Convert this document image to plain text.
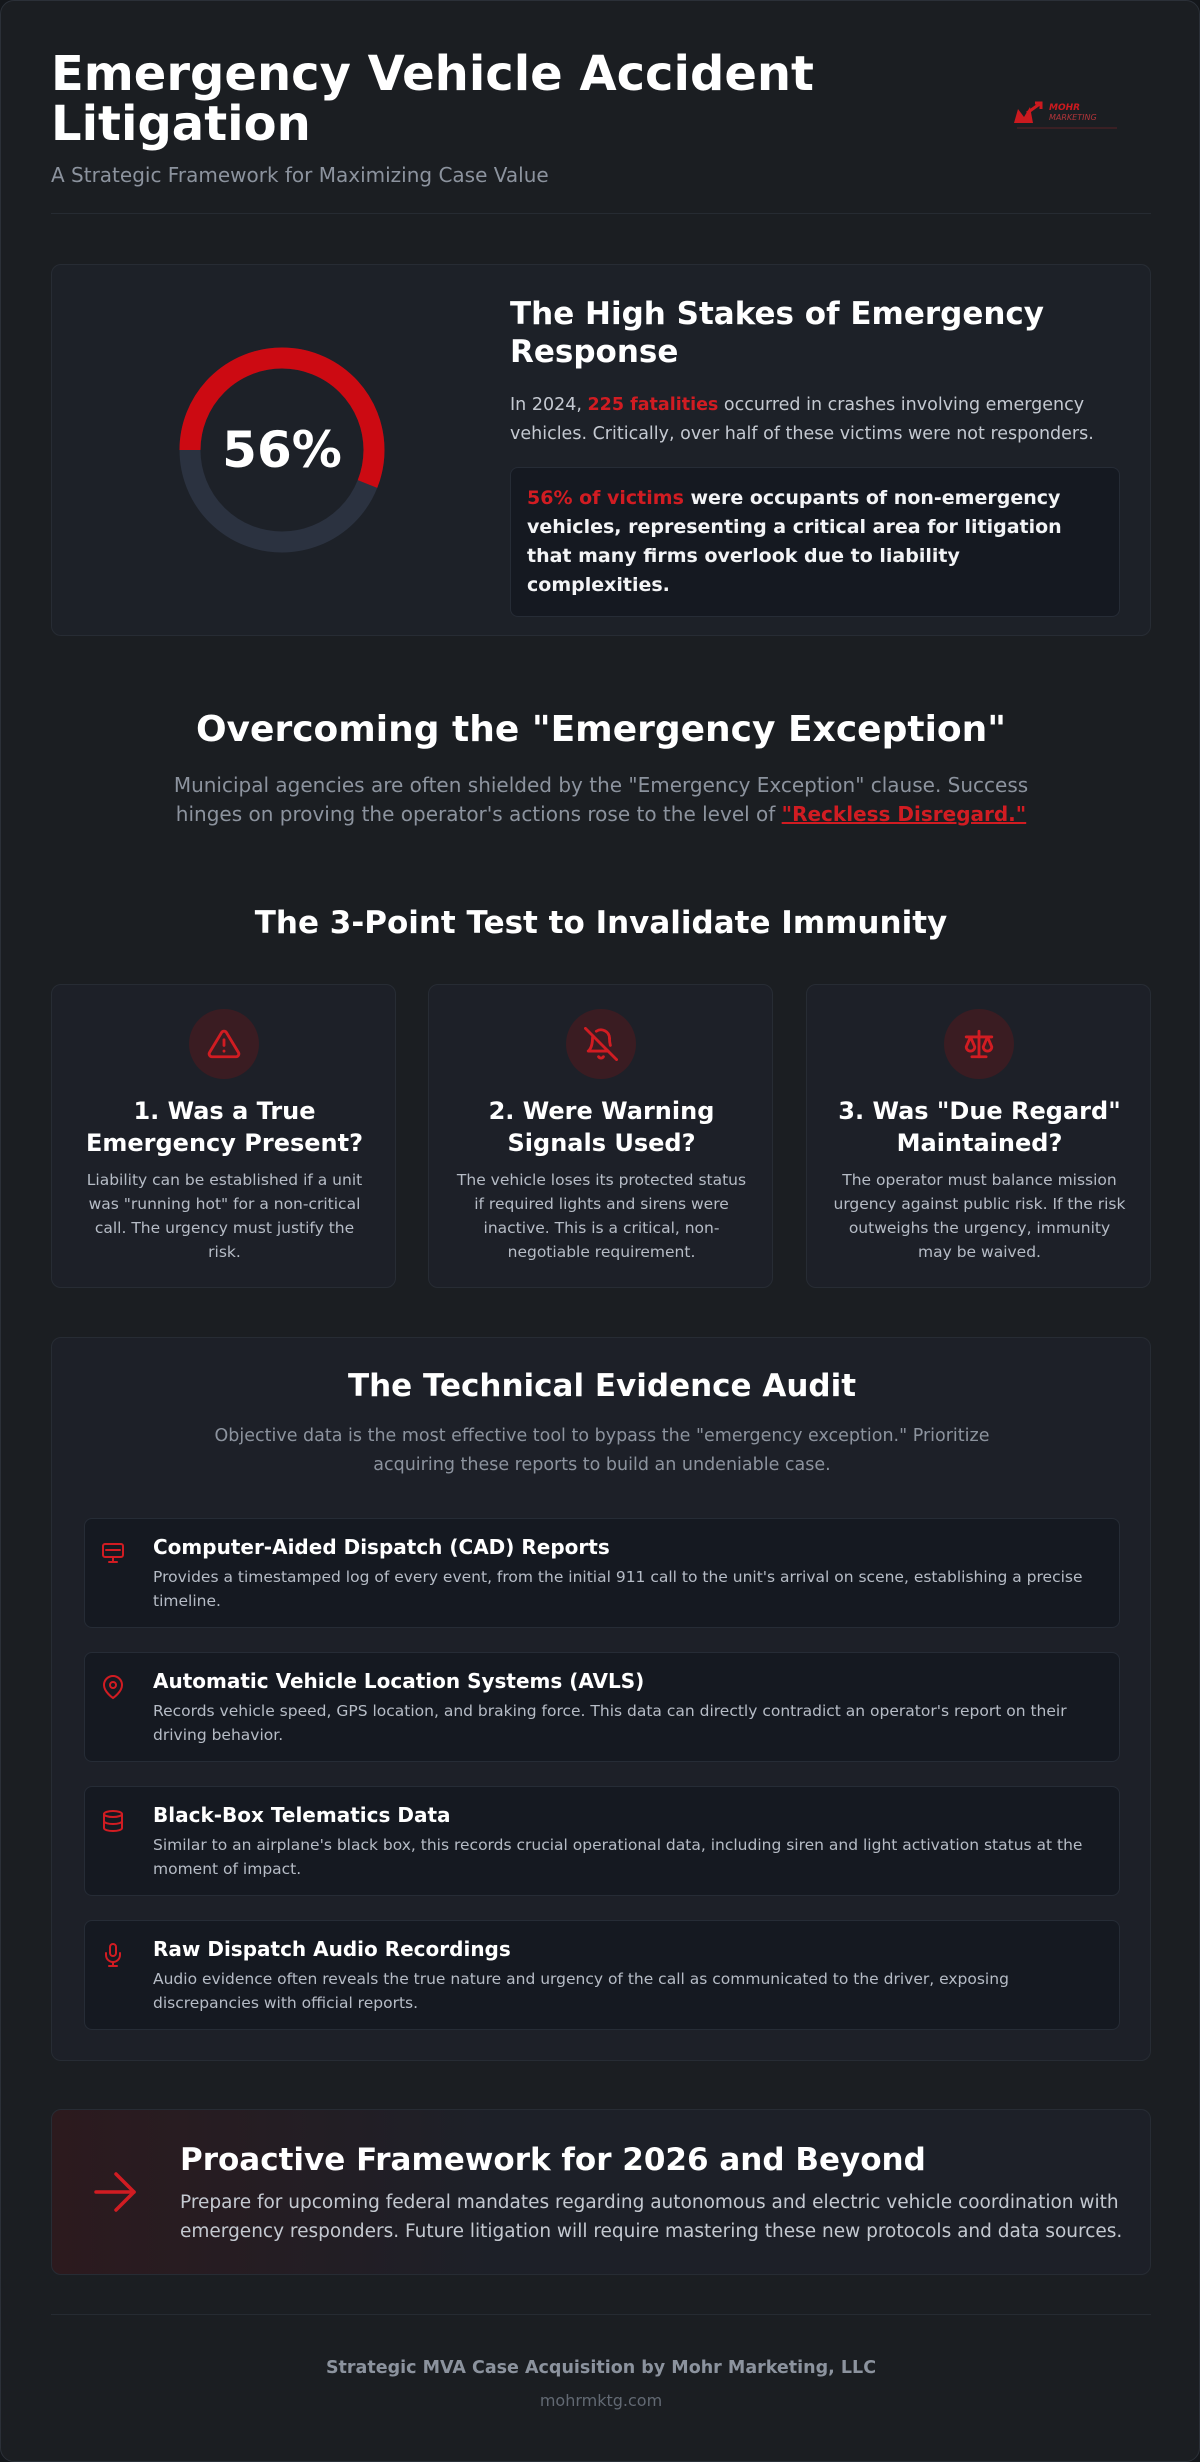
Emergency Vehicle Accident Litigation
A Strategic Framework for Maximizing Case Value
MOHR
MARKETING
56%
The High Stakes of Emergency Response
In 2024, 225 fatalities occurred in crashes involving emergency vehicles. Critically, over half of these victims were not responders.
56% of victims were occupants of non-emergency vehicles, representing a critical area for litigation that many firms overlook due to liability complexities.
Overcoming the "Emergency Exception"
Municipal agencies are often shielded by the "Emergency Exception" clause. Success hinges on proving the operator's actions rose to the level of "Reckless Disregard."
The 3-Point Test to Invalidate Immunity
1. Was a True Emergency Present?
Liability can be established if a unit was "running hot" for a non-critical call. The urgency must justify the risk.
2. Were Warning Signals Used?
The vehicle loses its protected status if required lights and sirens were inactive. This is a critical, non-negotiable requirement.
3. Was "Due Regard" Maintained?
The operator must balance mission urgency against public risk. If the risk outweighs the urgency, immunity may be waived.
The Technical Evidence Audit
Objective data is the most effective tool to bypass the "emergency exception." Prioritize acquiring these reports to build an undeniable case.
Computer-Aided Dispatch (CAD) Reports
Provides a timestamped log of every event, from the initial 911 call to the unit's arrival on scene, establishing a precise timeline.
Automatic Vehicle Location Systems (AVLS)
Records vehicle speed, GPS location, and braking force. This data can directly contradict an operator's report on their driving behavior.
Black-Box Telematics Data
Similar to an airplane's black box, this records crucial operational data, including siren and light activation status at the moment of impact.
Raw Dispatch Audio Recordings
Audio evidence often reveals the true nature and urgency of the call as communicated to the driver, exposing discrepancies with official reports.
Proactive Framework for 2026 and Beyond
Prepare for upcoming federal mandates regarding autonomous and electric vehicle coordination with emergency responders. Future litigation will require mastering these new protocols and data sources.
Strategic MVA Case Acquisition by Mohr Marketing, LLC
mohrmktg.com
